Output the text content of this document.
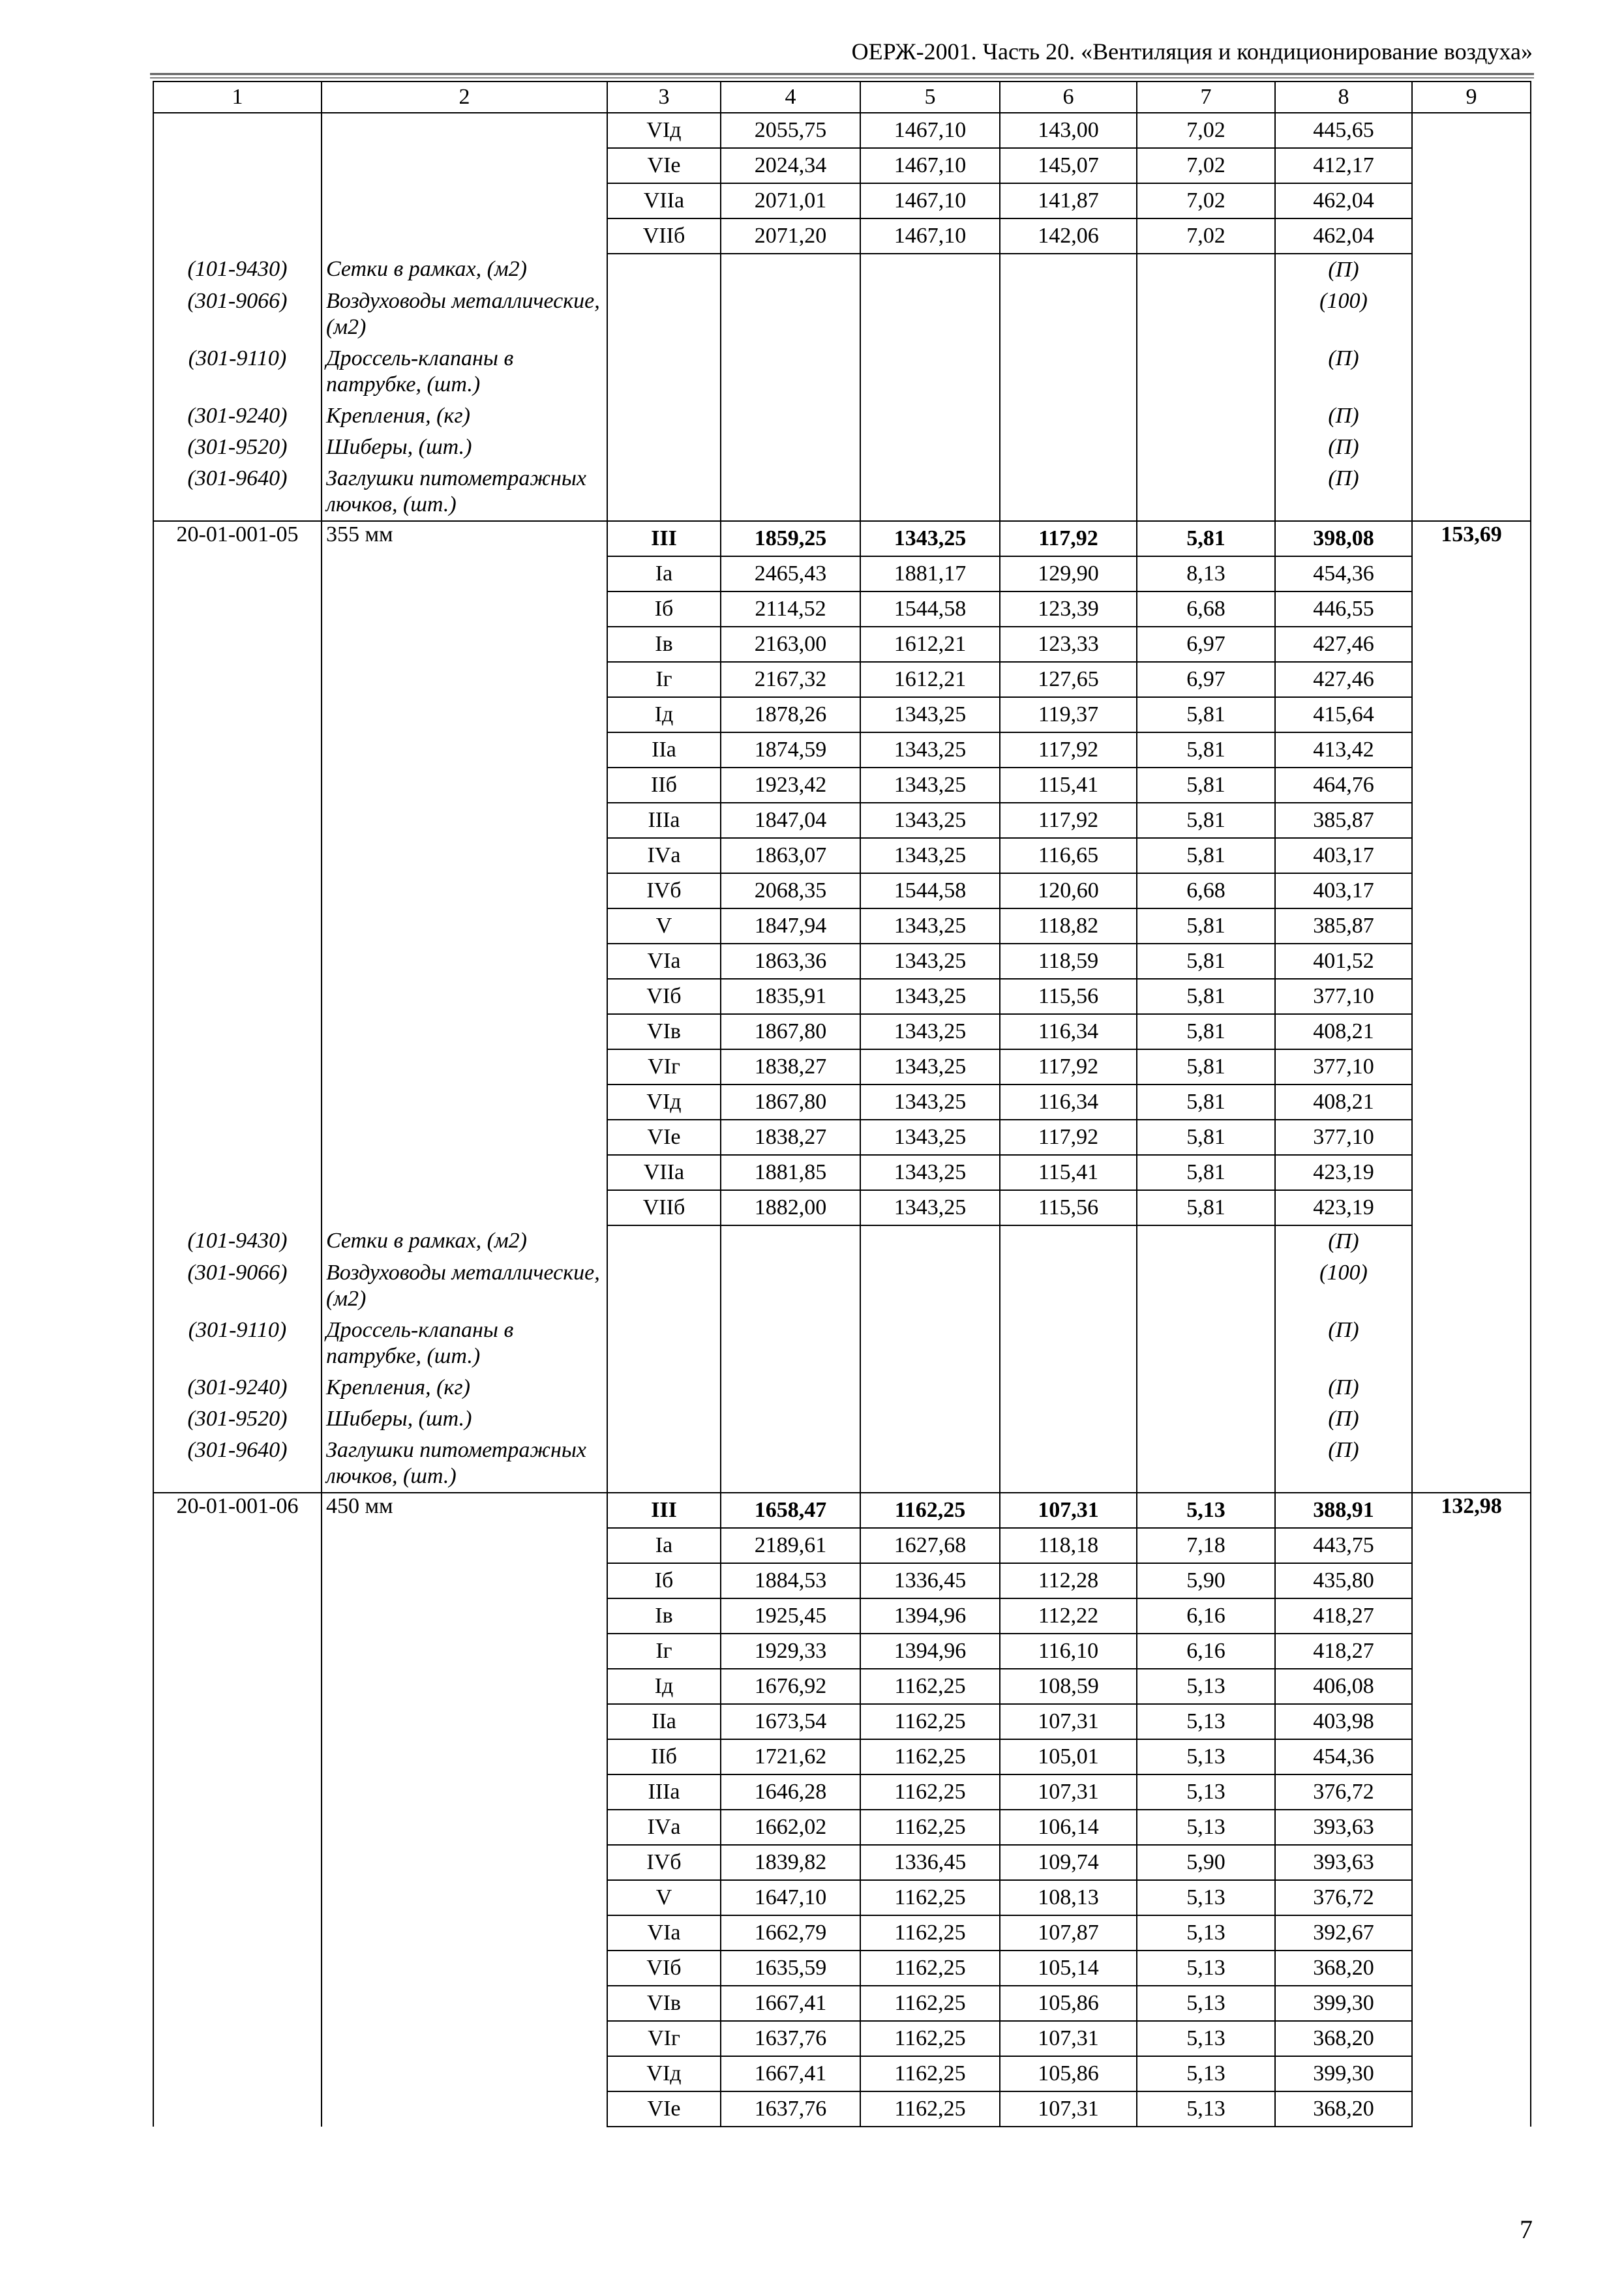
ОЕРЖ-2001. Часть 20. «Вентиляция и кондиционирование воздуха»
1	2	3	4	5	6	7	8	9
		VIд	2055,75	1467,10	143,00	7,02	445,65	
		VIе	2024,34	1467,10	145,07	7,02	412,17	
		VIIа	2071,01	1467,10	141,87	7,02	462,04	
		VIIб	2071,20	1467,10	142,06	7,02	462,04	
(101-9430)	Сетки в рамках, (м2)						(П)	
(301-9066)	Воздуховоды металлические, (м2)						(100)	
(301-9110)	Дроссель-клапаны в патрубке, (шт.)						(П)	
(301-9240)	Крепления, (кг)						(П)	
(301-9520)	Шиберы, (шт.)						(П)	
(301-9640)	Заглушки питометражных лючков, (шт.)						(П)	
20-01-001-05	355 мм	III	1859,25	1343,25	117,92	5,81	398,08	153,69
		Iа	2465,43	1881,17	129,90	8,13	454,36	
		Iб	2114,52	1544,58	123,39	6,68	446,55	
		Iв	2163,00	1612,21	123,33	6,97	427,46	
		Iг	2167,32	1612,21	127,65	6,97	427,46	
		Iд	1878,26	1343,25	119,37	5,81	415,64	
		IIа	1874,59	1343,25	117,92	5,81	413,42	
		IIб	1923,42	1343,25	115,41	5,81	464,76	
		IIIа	1847,04	1343,25	117,92	5,81	385,87	
		IVа	1863,07	1343,25	116,65	5,81	403,17	
		IVб	2068,35	1544,58	120,60	6,68	403,17	
		V	1847,94	1343,25	118,82	5,81	385,87	
		VIа	1863,36	1343,25	118,59	5,81	401,52	
		VIб	1835,91	1343,25	115,56	5,81	377,10	
		VIв	1867,80	1343,25	116,34	5,81	408,21	
		VIг	1838,27	1343,25	117,92	5,81	377,10	
		VIд	1867,80	1343,25	116,34	5,81	408,21	
		VIе	1838,27	1343,25	117,92	5,81	377,10	
		VIIа	1881,85	1343,25	115,41	5,81	423,19	
		VIIб	1882,00	1343,25	115,56	5,81	423,19	
(101-9430)	Сетки в рамках, (м2)						(П)	
(301-9066)	Воздуховоды металлические, (м2)						(100)	
(301-9110)	Дроссель-клапаны в патрубке, (шт.)						(П)	
(301-9240)	Крепления, (кг)						(П)	
(301-9520)	Шиберы, (шт.)						(П)	
(301-9640)	Заглушки питометражных лючков, (шт.)						(П)	
20-01-001-06	450 мм	III	1658,47	1162,25	107,31	5,13	388,91	132,98
		Iа	2189,61	1627,68	118,18	7,18	443,75	
		Iб	1884,53	1336,45	112,28	5,90	435,80	
		Iв	1925,45	1394,96	112,22	6,16	418,27	
		Iг	1929,33	1394,96	116,10	6,16	418,27	
		Iд	1676,92	1162,25	108,59	5,13	406,08	
		IIа	1673,54	1162,25	107,31	5,13	403,98	
		IIб	1721,62	1162,25	105,01	5,13	454,36	
		IIIа	1646,28	1162,25	107,31	5,13	376,72	
		IVа	1662,02	1162,25	106,14	5,13	393,63	
		IVб	1839,82	1336,45	109,74	5,90	393,63	
		V	1647,10	1162,25	108,13	5,13	376,72	
		VIа	1662,79	1162,25	107,87	5,13	392,67	
		VIб	1635,59	1162,25	105,14	5,13	368,20	
		VIв	1667,41	1162,25	105,86	5,13	399,30	
		VIг	1637,76	1162,25	107,31	5,13	368,20	
		VIд	1667,41	1162,25	105,86	5,13	399,30	
		VIе	1637,76	1162,25	107,31	5,13	368,20	
7
